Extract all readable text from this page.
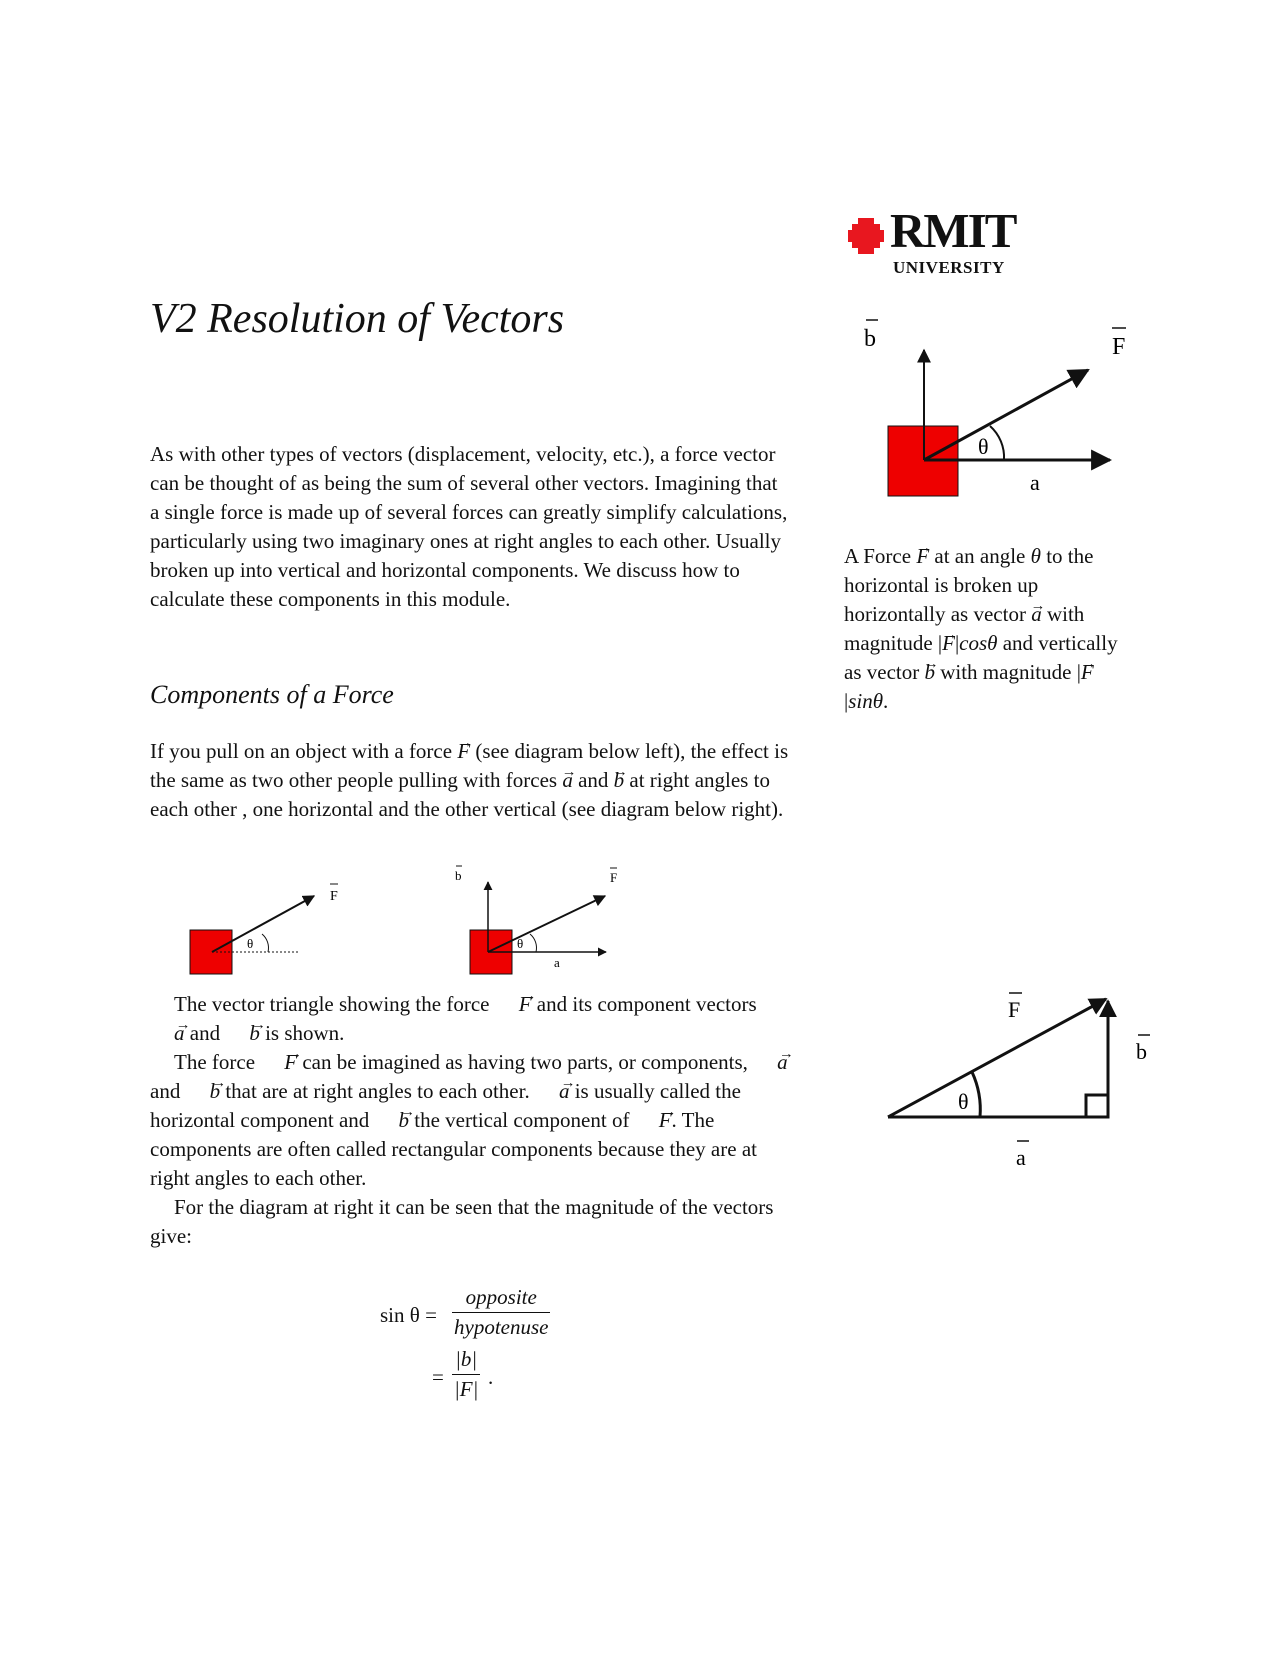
RMIT
UNIVERSITY
V2 Resolution of Vectors

As with other types of vectors (displacement, velocity, etc.), a force vector can be thought of as being the sum of several other vectors. Imagining that a single force is made up of several forces can greatly simplify calculations, particularly using two imaginary ones at right angles to each other. Usually broken up into vertical and horizontal components. We discuss how to calculate these components in this module.

Components of a Force

If you pull on an object with a force → F (see diagram below left), the effect is the same as two other people pulling with forces → a and → b at right angles to each other , one horizontal and the other vertical (see diagram below right).

θ
F
θ
a
b	F

The vector triangle showing the force → F and its component vectors → a and → b is shown.

The force → F can be imagined as having two parts, or components, → a and → b that are at right angles to each other. → a is usually called the horizontal component and → b the vertical component of → F. The components are often called rectangular components because they are at right angles to each other.

For the diagram at right it can be seen that the magnitude of the vectors give:

sin θ =
opposite
hypotenuse
=
|b|
|F| .
b	F
θ
a
A Force → F at an angle θ to the horizontal is broken up horizontally as vector → a with magnitude |→ F|cosθ and vertically as vector → b with magnitude |→ F|sinθ.
θ
F
b
a
